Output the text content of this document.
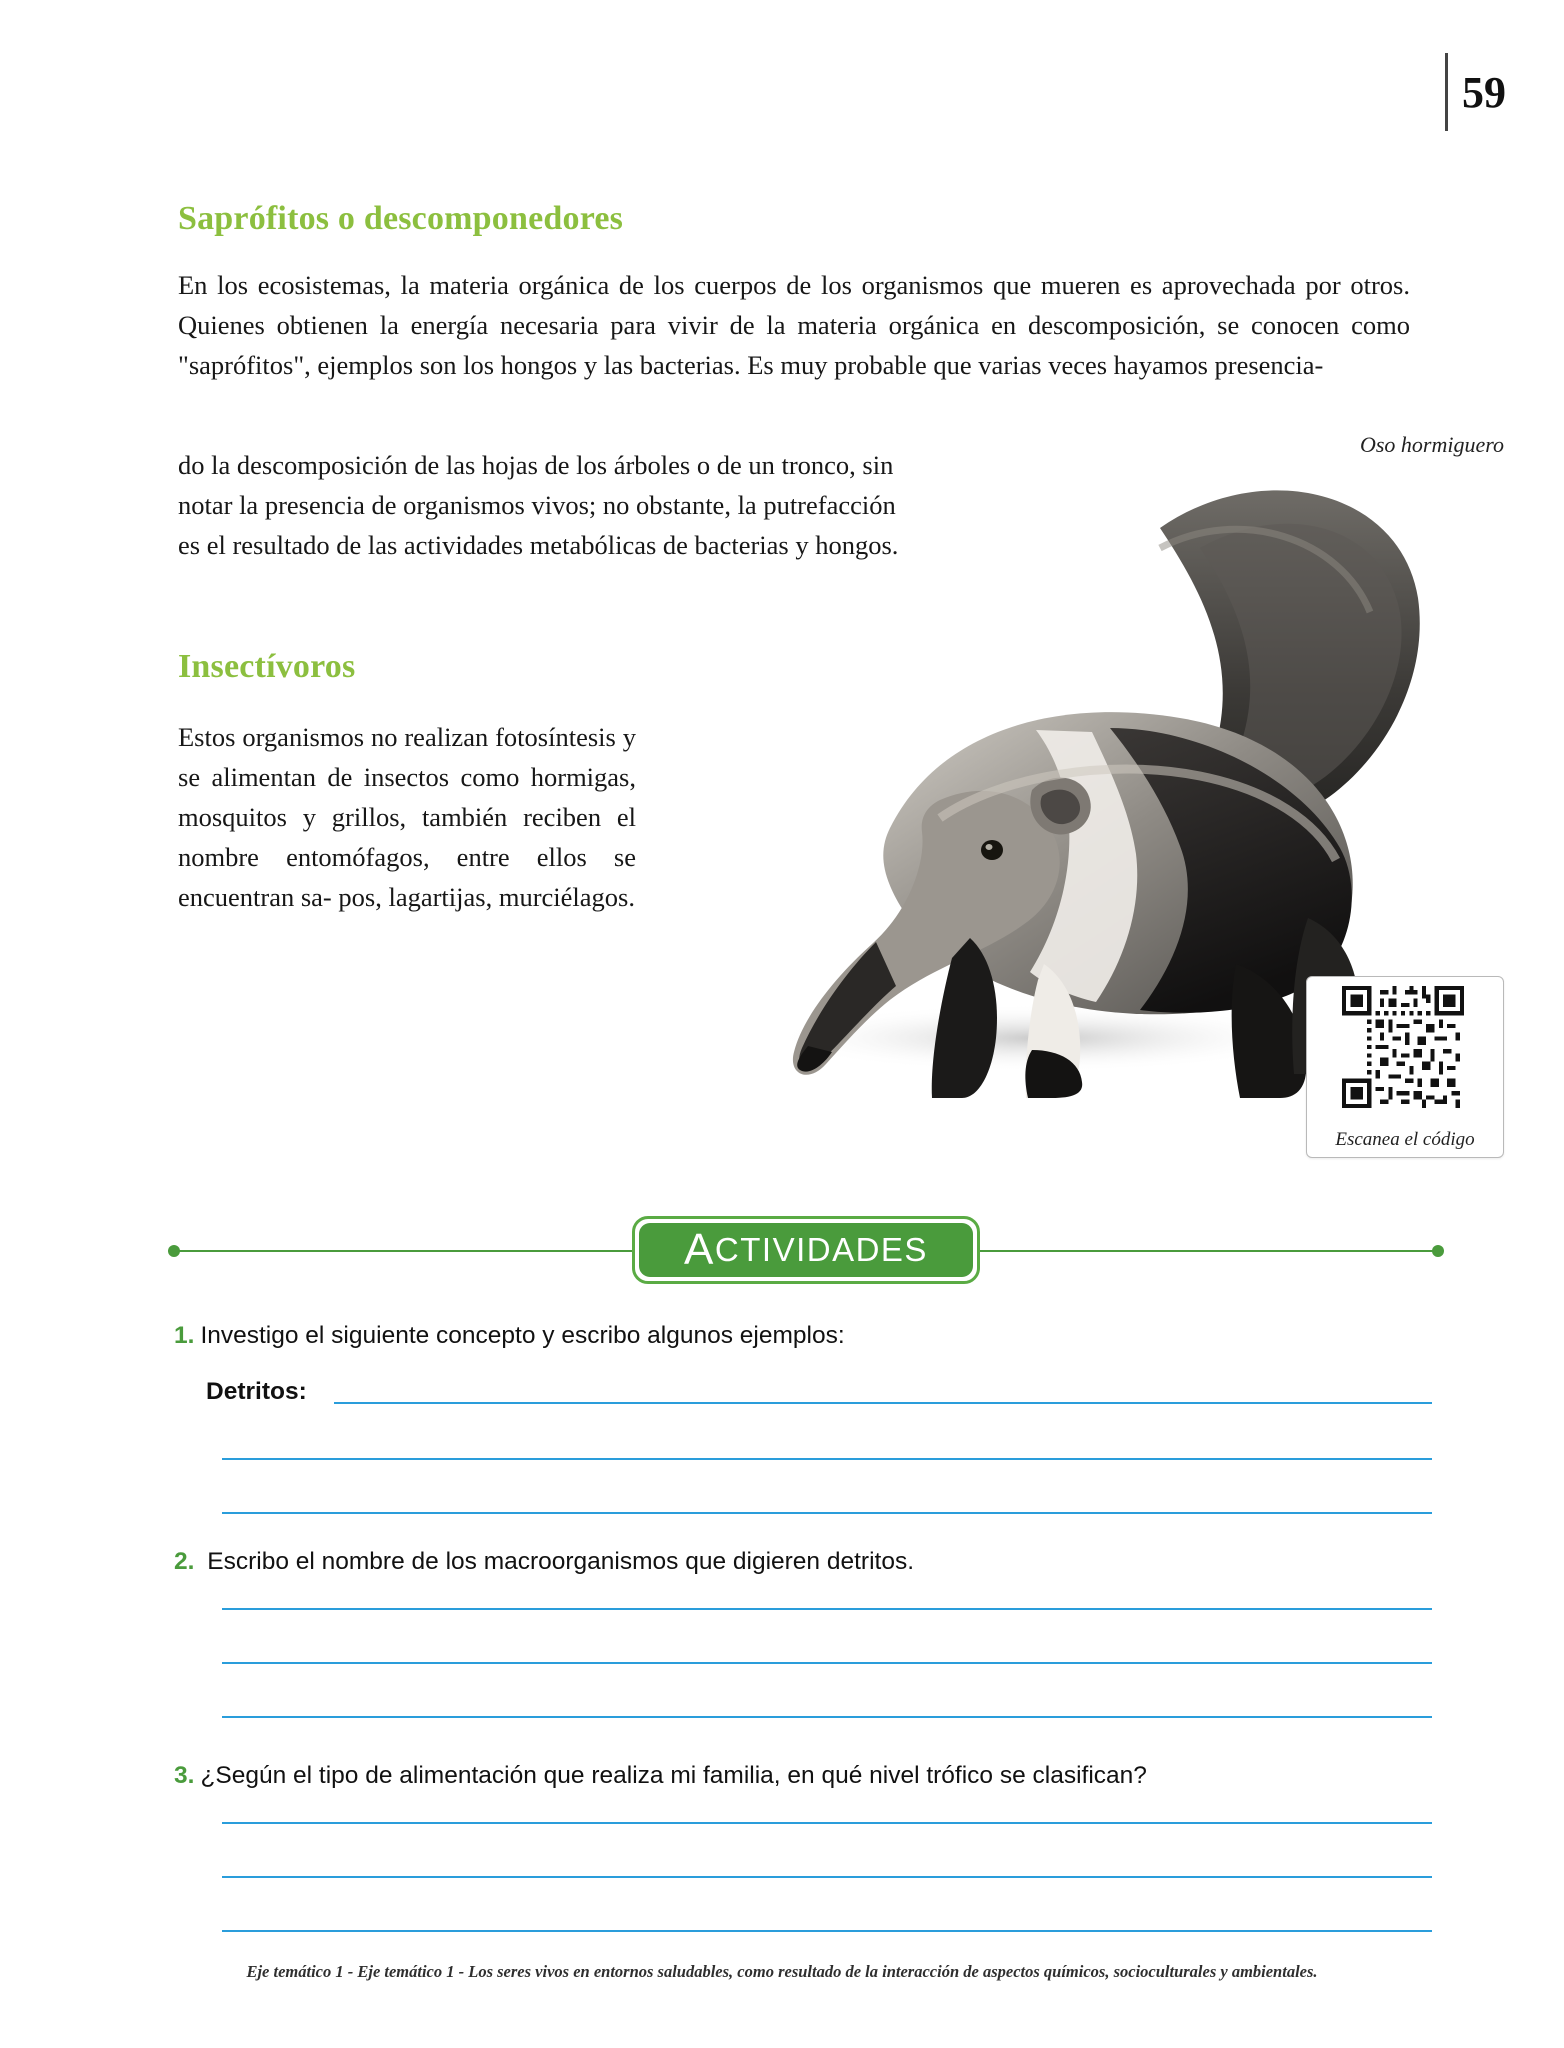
59
Saprófitos o descomponedores

En los ecosistemas, la materia orgánica de los cuerpos de los organismos que mueren es aprovechada por otros. Quienes obtienen la energía necesaria para vivir de la materia orgánica en descomposición, se conocen como "saprófitos", ejemplos son los hongos y las bacterias. Es muy probable que varias veces hayamos presencia-

do la descomposición de las hojas de los árboles o de un tronco, sin notar la presencia de organismos vivos; no obstante, la putrefacción es el resultado de las actividades metabólicas de bacterias y hongos.

Insectívoros

Estos organismos no realizan fotosíntesis y se alimentan de insectos como hormigas, mosquitos y grillos, también reciben el nombre entomófagos, entre ellos se encuentran sa- pos, lagartijas, murciélagos.

Oso hormiguero
Escanea el código
A CTIVIDADES
1. Investigo el siguiente concepto y escribo algunos ejemplos:
Detritos:
2. Escribo el nombre de los macroorganismos que digieren detritos.
3. ¿Según el tipo de alimentación que realiza mi familia, en qué nivel trófico se clasifican?
Eje temático 1 - Eje temático 1 - Los seres vivos en entornos saludables, como resultado de la interacción de aspectos químicos, socioculturales y ambientales.
